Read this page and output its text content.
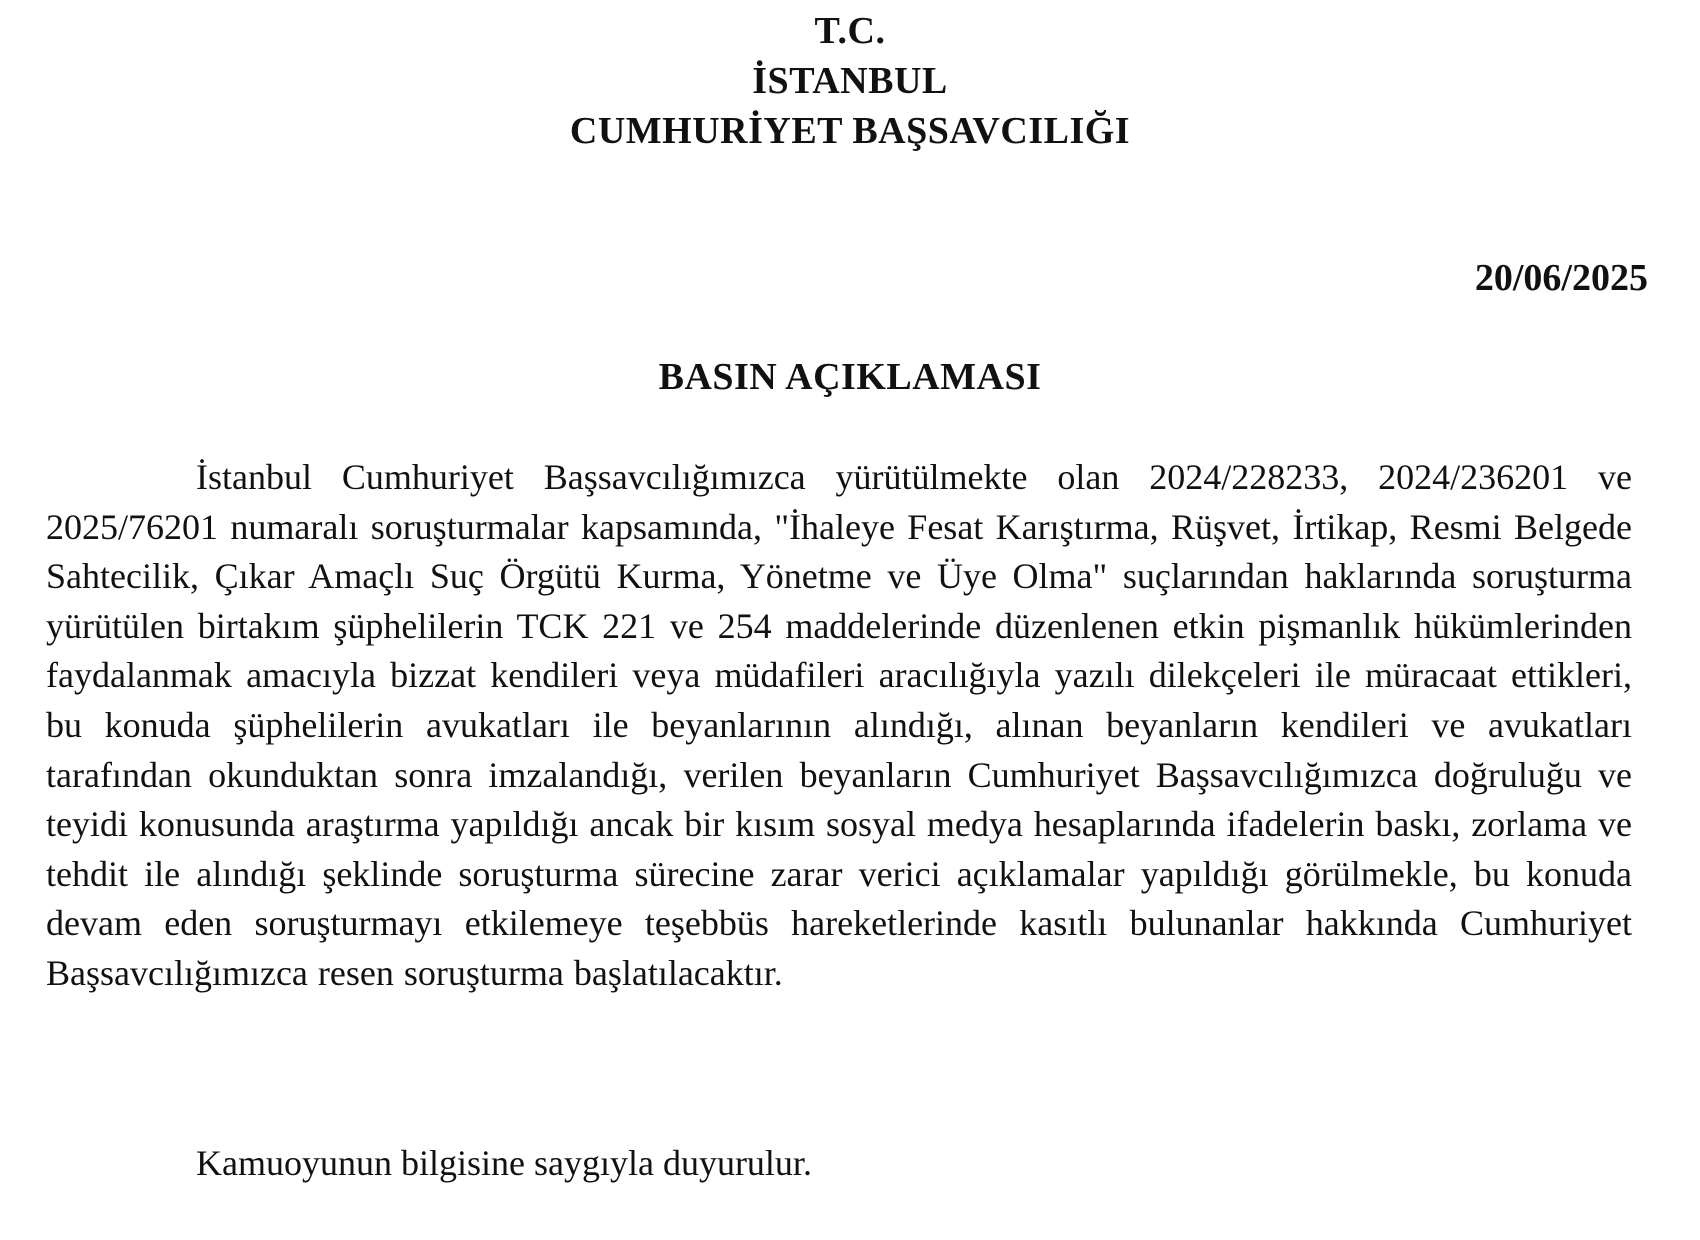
T.C.
İSTANBUL
CUMHURİYET BAŞSAVCILIĞI
20/06/2025
BASIN AÇIKLAMASI

İstanbul Cumhuriyet Başsavcılığımızca yürütülmekte olan 2024/228233, 2024/236201 ve 2025/76201 numaralı soruşturmalar kapsamında, "İhaleye Fesat Karıştırma, Rüşvet, İrtikap, Resmi Belgede Sahtecilik, Çıkar Amaçlı Suç Örgütü Kurma, Yönetme ve Üye Olma" suçlarından haklarında soruşturma yürütülen birtakım şüphelilerin TCK 221 ve 254 maddelerinde düzenlenen etkin pişmanlık hükümlerinden faydalanmak amacıyla bizzat kendileri veya müdafileri aracılığıyla yazılı dilekçeleri ile müracaat ettikleri, bu konuda şüphelilerin avukatları ile beyanlarının alındığı, alınan beyanların kendileri ve avukatları tarafından okunduktan sonra imzalandığı, verilen beyanların Cumhuriyet Başsavcılığımızca doğruluğu ve teyidi konusunda araştırma yapıldığı ancak bir kısım sosyal medya hesaplarında ifadelerin baskı, zorlama ve tehdit ile alındığı şeklinde soruşturma sürecine zarar verici açıklamalar yapıldığı görülmekle, bu konuda devam eden soruşturmayı etkilemeye teşebbüs hareketlerinde kasıtlı bulunanlar hakkında Cumhuriyet Başsavcılığımızca resen soruşturma başlatılacaktır.

Kamuoyunun bilgisine saygıyla duyurulur.
